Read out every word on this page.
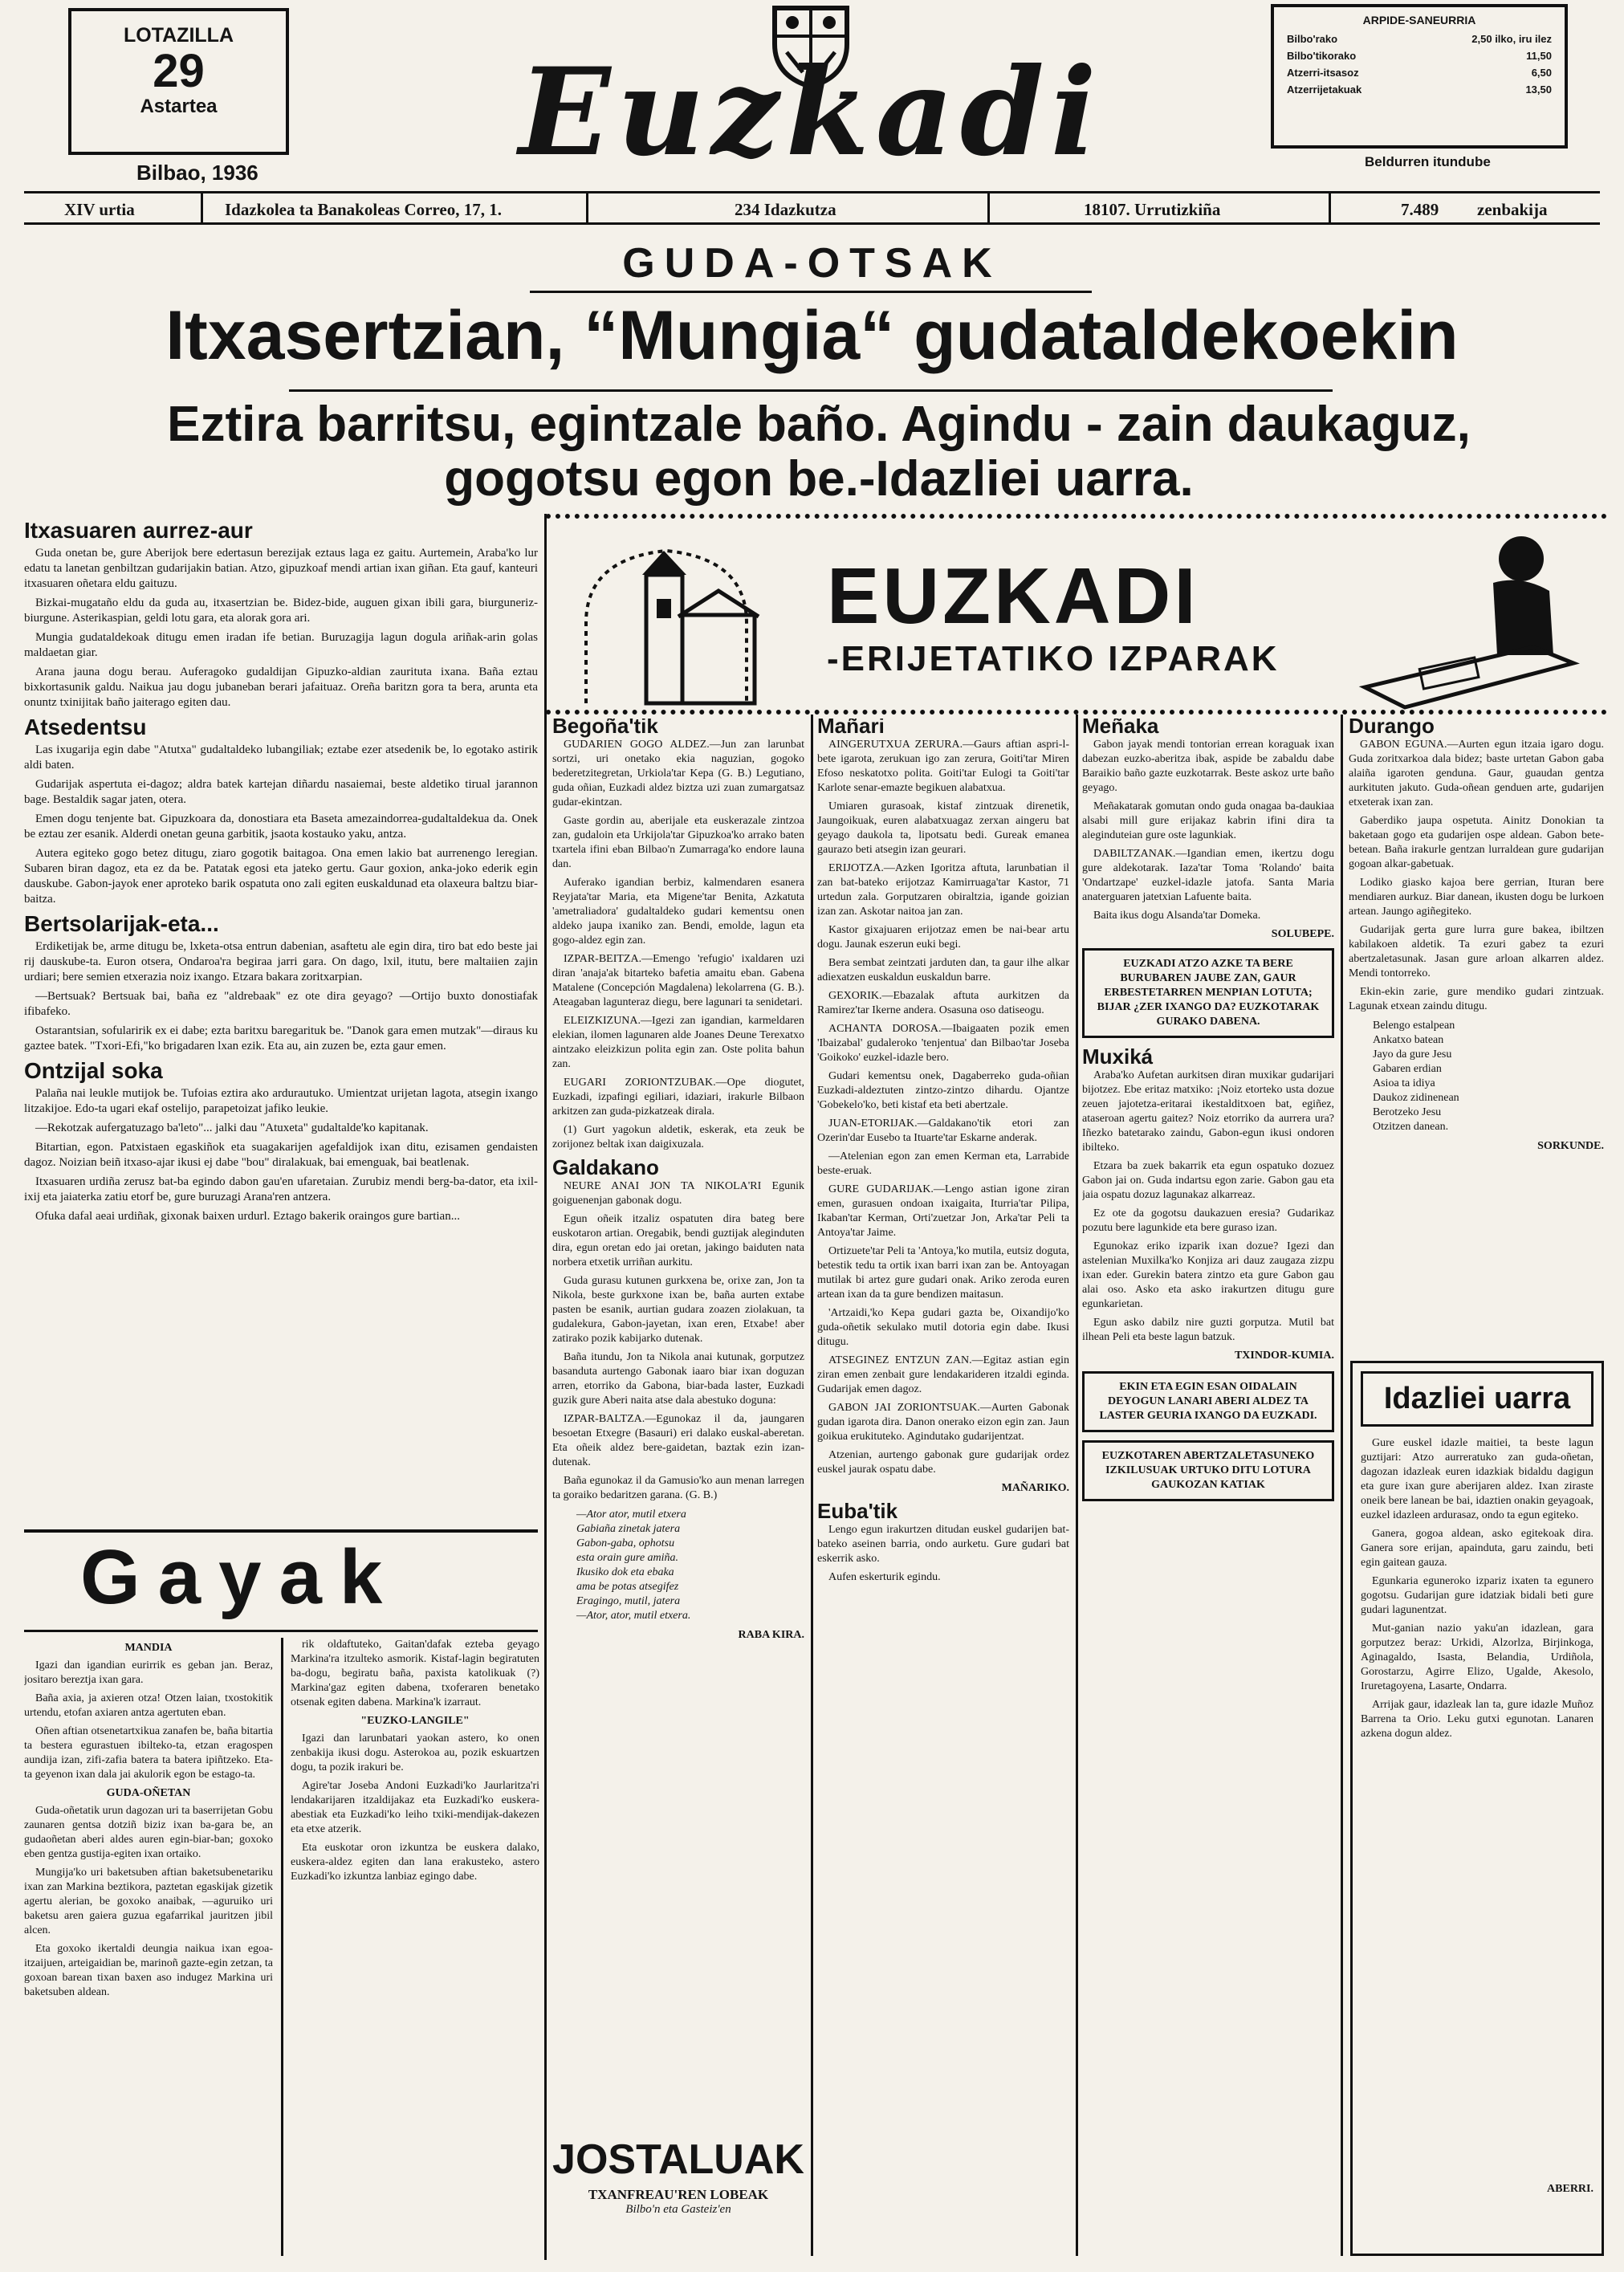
LOTAZILLA
29
Astartea
Bilbao, 1936	Euzkadi
ARPIDE-SANEURRIA
Bilbo'rako	2,50 ilko, iru ilez
Bilbo'tikorako	11,50
Atzerri-itsasoz	6,50
Atzerrijetakuak	13,50
Beldurren itundube
XIV urtia	Idazkolea ta Banakoleas Correo, 17, 1.	234 Idazkutza	18107. Urrutizkiña	7.489 zenbakija
GUDA-OTSAK
Itxasertzian, “Mungia“ gudataldekoekin
Eztira barritsu, egintzale baño. Agindu - zain daukaguz, gogotsu egon be.-Idazliei uarra.
EUZKADI
-ERIJETATIKO IZPARAK
Itxasuaren aurrez-aur

Guda onetan be, gure Aberijok bere edertasun berezijak eztaus laga ez gaitu. Aurtemein, Araba'ko lur edatu ta lanetan genbiltzan gudarijakin batian. Atzo, gipuzkoaf mendi artian ixan giñan. Eta gauf, kanteuri itxasuaren oñetara eldu gaituzu.

Bizkai-mugataño eldu da guda au, itxasertzian be. Bidez-bide, auguen gixan ibili gara, biurguneriz-biurgune. Asterikaspian, geldi lotu gara, eta alorak gora ari.

Mungia gudataldekoak ditugu emen iradan ife betian. Buruzagija lagun dogula ariñak-arin golas maldaetan giar.

Arana jauna dogu berau. Auferagoko gudaldijan Gipuzko-aldian zaurituta ixana. Baña eztau bixkortasunik galdu. Naikua jau dogu jubaneban berari jafaituaz. Oreña baritzn gora ta bera, arunta eta onuntz txinijitak baño jaiterago egiten dau.

Atsedentsu

Las ixugarija egin dabe "Atutxa" gudaltaldeko lubangiliak; eztabe ezer atsedenik be, lo egotako astirik aldi baten.

Gudarijak aspertuta ei-dagoz; aldra batek kartejan diñardu nasaiemai, beste aldetiko tirual jarannon bage. Bestaldik sagar jaten, otera.

Emen dogu tenjente bat. Gipuzkoara da, donostiara eta Baseta amezaindorrea-gudaltaldekua da. Onek be eztau zer esanik. Alderdi onetan geuna garbitik, jsaota kostauko yaku, antza.

Autera egiteko gogo betez ditugu, ziaro gogotik baitagoa. Ona emen lakio bat aurrenengo leregian. Subaren biran dagoz, eta ez da be. Patatak egosi eta jateko gertu. Gaur goxion, anka-joko ederik egin dauskube. Gabon-jayok ener aproteko barik ospatuta ono zali egiten euskaldunad eta olaxeura baltzu biar-baitza.

Bertsolarijak-eta...

Erdiketijak be, arme ditugu be, lxketa-otsa entrun dabenian, asaftetu ale egin dira, tiro bat edo beste jai rij dauskube-ta. Euron otsera, Ondaroa'ra begiraa jarri gara. On dago, lxil, itutu, bere maltaiien zajin urdiari; bere semien etxerazia noiz ixango. Etzara bakara zoritxarpian.

—Bertsuak? Bertsuak bai, baña ez "aldrebaak" ez ote dira geyago? —Ortijo buxto donostiafak ifibafeko.

Ostarantsian, sofularirik ex ei dabe; ezta baritxu baregarituk be. "Danok gara emen mutzak"—diraus ku gaztee batek. "Txori-Efi,"ko brigadaren lxan ezik. Eta au, ain zuzen be, ezta gaur emen.

Ontzijal soka

Palaña nai leukle mutijok be. Tufoias eztira ako ardurautuko. Umientzat urijetan lagota, atsegin ixango litzakijoe. Edo-ta ugari ekaf ostelijo, parapetoizat jafiko leukie.

—Rekotzak aufergatuzago ba'leto"... jalki dau "Atuxeta" gudaltalde'ko kapitanak.

Bitartian, egon. Patxistaen egaskiñok eta suagakarijen agefaldijok ixan ditu, ezisamen gendaisten dagoz. Noizian beiñ itxaso-ajar ikusi ej dabe "bou" diralakuak, bai emenguak, bai beatlenak.

Itxasuaren urdiña zerusz bat-ba egindo dabon gau'en ufaretaian. Zurubiz mendi berg-ba-dator, eta ixil-ixij eta jaiaterka zatiu etorf be, gure buruzagi Arana'ren antzera.

Ofuka dafal aeai urdiñak, gixonak baixen urdurl. Eztago bakerik oraingos gure bartian...

Gayak
MANDIA

Igazi dan igandian eurirrik es geban jan. Beraz, jositaro bereztja ixan gara.

Baña axia, ja axieren otza! Otzen laian, txostokitik urtendu, etofan axiaren antza agertuten eban.

Oñen aftian otsenetartxikua zanafen be, baña bitartia ta bestera egurastuen ibilteko-ta, etzan eragospen aundija izan, zifi-zafia batera ta batera ipiñtzeko. Eta-ta geyenon ixan dala jai akulorik egon be estago-ta.

GUDA-OÑETAN

Guda-oñetatik urun dagozan uri ta baserrijetan Gobu zaunaren gentsa dotziñ biziz ixan ba-gara be, an gudaoñetan aberi aldes auren egin-biar-ban; goxoko eben gentza gustija-egiten ixan ortaiko.

Mungija'ko uri baketsuben aftian baketsubenetariku ixan zan Markina beztikora, paztetan egaskijak gizetik agertu alerian, be goxoko anaibak, —aguruiko uri baketsu aren gaiera guzua egafarrikal jauritzen jibil alcen.

Eta goxoko ikertaldi deungia naikua ixan egoa-itzaijuen, arteigaidian be, marinoñ gazte-egin zetzan, ta goxoan barean tixan baxen aso indugez Markina uri baketsuben aldean.

rik oldaftuteko, Gaitan'dafak ezteba geyago Markina'ra itzulteko asmorik. Kistaf-lagin begiratuten ba-dogu, begiratu baña, paxista katolikuak (?) Markina'gaz egiten dabena, txoferaren benetako otsenak egiten dabena. Markina'k izarraut.

"EUZKO-LANGILE"

Igazi dan larunbatari yaokan astero, ko onen zenbakija ikusi dogu. Asterokoa au, pozik eskuartzen dogu, ta pozik irakuri be.

Agire'tar Joseba Andoni Euzkadi'ko Jaurlaritza'ri lendakarijaren itzaldijakaz eta Euzkadi'ko euskera-abestiak eta Euzkadi'ko leiho txiki-mendijak-dakezen eta etxe atzerik.

Eta euskotar oron izkuntza be euskera dalako, euskera-aldez egiten dan lana erakusteko, astero Euzkadi'ko izkuntza lanbiaz egingo dabe.

Begoña'tik

GUDARIEN GOGO ALDEZ.—Jun zan larunbat sortzi, uri onetako ekia naguzian, gogoko bederetzitegretan, Urkiola'tar Kepa (G. B.) Legutiano, guda oñian, Euzkadi aldez biztza uzi zuan zumargatsaz gudar-ekintzan.

Gaste gordin au, aberijale eta euskerazale zintzoa zan, gudaloin eta Urkijola'tar Gipuzkoa'ko arrako baten txartela ifini eban Bilbao'n Zumarraga'ko endore launa dan.

Auferako igandian berbiz, kalmendaren esanera Reyjata'tar Maria, eta Migene'tar Benita, Azkatuta 'ametraliadora' gudaltaldeko gudari kementsu onen aldeko jaupa ixaniko zan. Bendi, emolde, lagun eta gogo-aldez egin zan.

IZPAR-BEITZA.—Emengo 'refugio' ixaldaren uzi diran 'anaja'ak bitarteko bafetia amaitu eban. Gabena Matalene (Concepción Magdalena) lekolarrena (G. B.). Ateagaban lagunteraz diegu, bere lagunari ta senidetari.

ELEIZKIZUNA.—Igezi zan igandian, karmeldaren elekian, ilomen lagunaren alde Joanes Deune Terexatxo aintzako eleizkizun polita egin zan. Oste polita bahun zan.

EUGARI ZORIONTZUBAK.—Ope diogutet, Euzkadi, izpafingi egiliari, idaziari, irakurle Bilbaon arkitzen zan guda-pizkatzeak dirala.

(1) Gurt yagokun aldetik, eskerak, eta zeuk be zorijonez beltak ixan daigixuzala.

Galdakano

NEURE ANAI JON TA NIKOLA'RI Egunik goiguenenjan gabonak dogu.

Egun oñeik itzaliz ospatuten dira bateg bere euskotaron artian. Oregabik, bendi guztijak aleginduten dira, egun oretan edo jai oretan, jakingo baiduten nata norbera etxetik urriñan aurkitu.

Guda gurasu kutunen gurkxena be, orixe zan, Jon ta Nikola, beste gurkxone ixan be, baña aurten extabe pasten be esanik, aurtian gudara zoazen ziolakuan, ta gudalekura, Gabon-jayetan, ixan eren, Etxabe! aber zatirako pozik kabijarko dutenak.

Baña itundu, Jon ta Nikola anai kutunak, gorputzez basanduta aurtengo Gabonak iaaro biar ixan doguzan arren, etorriko da Gabona, biar-bada laster, Euzkadi guzik gure Aberi naita atse dala abestuko doguna:

IZPAR-BALTZA.—Egunokaz il da, jaungaren besoetan Etxegre (Basauri) eri dalako euskal-aberetan. Eta oñeik aldez bere-gaidetan, baztak ezin izan-dutenak.

Baña egunokaz il da Gamusio'ko aun menan larregen ta goraiko bedaritzen garana. (G. B.)

—Ator ator, mutil etxera
Gabiaña zinetak jatera
Gabon-gaba, ophotsu
esta orain gure amiña.
Ikusiko dok eta ebaka
ama be potas atsegifez
Eragingo, mutil, jatera
—Ator, ator, mutil etxera.
RABA KIRA.
JOSTALUAK
TXANFREAU'REN LOBEAK
Bilbo'n eta Gasteiz'en
Mañari

AINGERUTXUA ZERURA.—Gaurs aftian aspri-l-bete igarota, zerukuan igo zan zerura, Goiti'tar Miren Efoso neskatotxo polita. Goiti'tar Eulogi ta Goiti'tar Karlote senar-emazte begikuen alabatxua.

Umiaren gurasoak, kistaf zintzuak direnetik, Jaungoikuak, euren alabatxuagaz zerxan aingeru bat geyago daukola ta, lipotsatu bedi. Gureak emanea gaurazo beti atsegin izan geurari.

ERIJOTZA.—Azken Igoritza aftuta, larunbatian il zan bat-bateko erijotzaz Kamirruaga'tar Kastor, 71 urtedun zala. Gorputzaren obiraltzia, igande goizian izan zan. Askotar naitoa jan zan.

Kastor gixajuaren erijotzaz emen be nai-bear artu dogu. Jaunak eszerun euki begi.

Bera sembat zeintzati jarduten dan, ta gaur ilhe alkar adiexatzen euskaldun euskaldun barre.

GEXORIK.—Ebazalak aftuta aurkitzen da Ramirez'tar Ikerne andera. Osasuna oso datiseogu.

ACHANTA DOROSA.—Ibaigaaten pozik emen 'Ibaizabal' gudaleroko 'tenjentua' dan Bilbao'tar Joseba 'Goikoko' euzkel-idazle bero.

Gudari kementsu onek, Dagaberreko guda-oñian Euzkadi-aldeztuten zintzo-zintzo dihardu. Ojantze 'Gobekelo'ko, beti kistaf eta beti abertzale.

JUAN-ETORIJAK.—Galdakano'tik etori zan Ozerin'dar Eusebo ta Ituarte'tar Eskarne anderak.

—Atelenian egon zan emen Kerman eta, Larrabide beste-eruak.

GURE GUDARIJAK.—Lengo astian igone ziran emen, gurasuen ondoan ixaigaita, Iturria'tar Pilipa, Ikaban'tar Kerman, Orti'zuetzar Jon, Arka'tar Peli ta Antoya'tar Jaime.

Ortizuete'tar Peli ta 'Antoya,'ko mutila, eutsiz doguta, betestik tedu ta ortik ixan barri ixan zan be. Antoyagan mutilak bi artez gure gudari onak. Ariko zeroda euren artean ixan da ta gure bendizen maitasun.

'Artzaidi,'ko Kepa gudari gazta be, Oixandijo'ko guda-oñetik sekulako mutil dotoria egin dabe. Ikusi ditugu.

ATSEGINEZ ENTZUN ZAN.—Egitaz astian egin ziran emen zenbait gure lendakarideren itzaldi eginda. Gudarijak emen dagoz.

GABON JAI ZORIONTSUAK.—Aurten Gabonak gudan igarota dira. Danon onerako eizon egin zan. Jaun goikua erukituteko. Agindutako gudarijentzat.

Atzenian, aurtengo gabonak gure gudarijak ordez euskel jaurak ospatu dabe.

MAÑARIKO.
Euba'tik

Lengo egun irakurtzen ditudan euskel gudarijen bat-bateko aseinen barria, ondo aurketu. Gure gudari bat eskerrik asko.

Aufen eskerturik egindu.

Meñaka

Gabon jayak mendi tontorian errean koraguak ixan dabezan euzko-aberitza ibak, aspide be zabaldu dabe Baraikio baño gazte euzkotarrak. Beste askoz urte baño geyago.

Meñakatarak gomutan ondo guda onagaa ba-daukiaa alsabi mill gure erijakaz kabrin ifini dira ta aleginduteian gure oste lagunkiak.

DABILTZANAK.—Igandian emen, ikertzu dogu gure aldekotarak. Iaza'tar Toma 'Rolando' baita 'Ondartzape' euzkel-idazle jatofa. Santa Maria anaterguaren jatetxian Lafuente baita.

Baita ikus dogu Alsanda'tar Domeka.

SOLUBEPE.
EUZKADI ATZO AZKE TA BERE BURUBAREN JAUBE ZAN, GAUR ERBESTETARREN MENPIAN LOTUTA; BIJAR ¿ZER IXANGO DA? EUZKOTARAK GURAKO DABENA.
Muxiká

Araba'ko Aufetan aurkitsen diran muxikar gudarijari bijotzez. Ebe eritaz matxiko: ¡Noiz etorteko usta dozue zeuen jajotetza-eritarai ikestalditxoen bat, egiñez, ataseroan agertu gaitez? Noiz etorriko da aurrera ura? Iñezko batetarako zaindu, Gabon-egun ikusi ondoren ibilteko.

Etzara ba zuek bakarrik eta egun ospatuko dozuez Gabon jai on. Guda indartsu egon zarie. Gabon gau eta jaia ospatu dozuz lagunakaz alkarreaz.

Ez ote da gogotsu daukazuen eresia? Gudarikaz pozutu bere lagunkide eta bere guraso izan.

Egunokaz eriko izparik ixan dozue? Igezi dan astelenian Muxilka'ko Konjiza ari dauz zaugaza zizpu ixan eder. Gurekin batera zintzo eta gure Gabon gau alai oso. Asko eta asko irakurtzen ditugu gure egunkarietan.

Egun asko dabilz nire guzti gorputza. Mutil bat ilhean Peli eta beste lagun batzuk.

TXINDOR-KUMIA.
EKIN ETA EGIN ESAN OIDALAIN DEYOGUN LANARI ABERI ALDEZ TA LASTER GEURIA IXANGO DA EUZKADI.
EUZKOTAREN ABERTZALETASUNEKO IZKILUSUAK URTUKO DITU LOTURA GAUKOZAN KATIAK
Durango

GABON EGUNA.—Aurten egun itzaia igaro dogu. Guda zoritxarkoa dala bidez; baste urtetan Gabon gaba alaiña igaroten genduna. Gaur, guaudan gentza aurkituten jakuto. Guda-oñean genduen arte, gudarijen etxeterak ixan zan.

Gaberdiko jaupa ospetuta. Ainitz Donokian ta baketaan gogo eta gudarijen ospe aldean. Gabon bete-betean. Baña irakurle gentzan lurraldean gure gudarijan gogoan alkar-gabetuak.

Lodiko giasko kajoa bere gerrian, Ituran bere mendiaren aurkuz. Biar danean, ikusten dogu be lurkoen artean. Jaungo agiñegiteko.

Gudarijak gerta gure lurra gure bakea, ibiltzen kabilakoen aldetik. Ta ezuri gabez ta ezuri abertzaletasunak. Jasan gure arloan alkarren aldez. Mendi tontorreko.

Ekin-ekin zarie, gure mendiko gudari zintzuak. Lagunak etxean zaindu ditugu.

Belengo estalpean
Ankatxo batean
Jayo da gure Jesu
Gabaren erdian
Asioa ta idiya
Daukoz zidinenean
Berotzeko Jesu
Otzitzen danean.
SORKUNDE.
Idazliei uarra

Gure euskel idazle maitiei, ta beste lagun guztijari: Atzo aurreratuko zan guda-oñetan, dagozan idazleak euren idazkiak bidaldu dagigun eta gure ixan gure aberijaren aldez. Ixan ziraste oneik bere lanean be bai, idaztien onakin geyagoak, euzkel idazleen ardurasaz, ondo ta egun egiteko.

Ganera, gogoa aldean, asko egitekoak dira. Ganera sore erijan, apainduta, garu zaindu, beti egin gaitean gauza.

Egunkaria eguneroko izpariz ixaten ta egunero gogotsu. Gudarijan gure idatziak bidali beti gure gudari lagunentzat.

Mut-ganian nazio yaku'an idazlean, gara gorputzez beraz: Urkidi, Alzorlza, Birjinkoga, Aginagaldo, Isasta, Belandia, Urdiñola, Gorostarzu, Agirre Elizo, Ugalde, Akesolo, Iruretagoyena, Lasarte, Ondarra.

Arrijak gaur, idazleak lan ta, gure idazle Muñoz Barrena ta Orio. Leku gutxi egunotan. Lanaren azkena dogun aldez.

ABERRI.
